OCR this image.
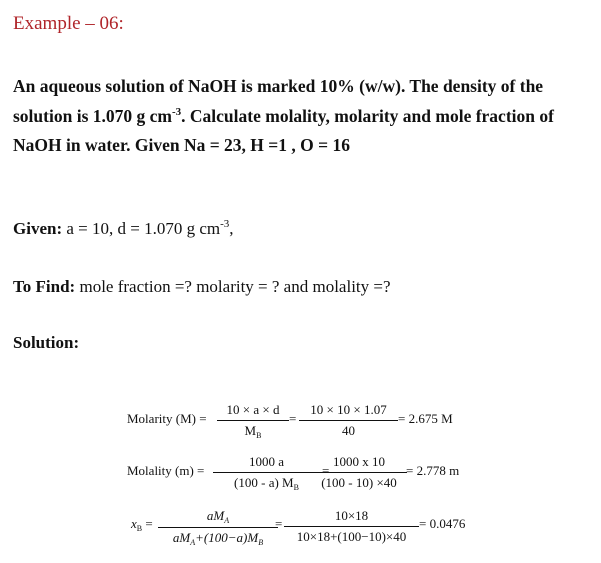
Example – 06:
An aqueous solution of NaOH is marked 10% (w/w). The density of the solution is 1.070 g $cm^{-3}$. Calculate molality, molarity and mole fraction of NaOH in water. Given Na = 23, H =1 , O = 16
Given: a = 10, d = 1.070 g $cm^{-3}$,
To Find: mole fraction =? molarity = ? and molality =?
Solution:
Molarity (M) =
10 × a × d
$M_B$
=
10 × 10 × 1.07
40
= 2.675 M
Molality (m) =
1000 a
(100 - a) $M_B$
=
1000 x 10
(100 - 10) ×40
= 2.778 m
$x_B$ =
$aM_A$
$aM_A+(100-a)M_B$
=
10×18
10×18+(100−10)×40
= 0.0476
